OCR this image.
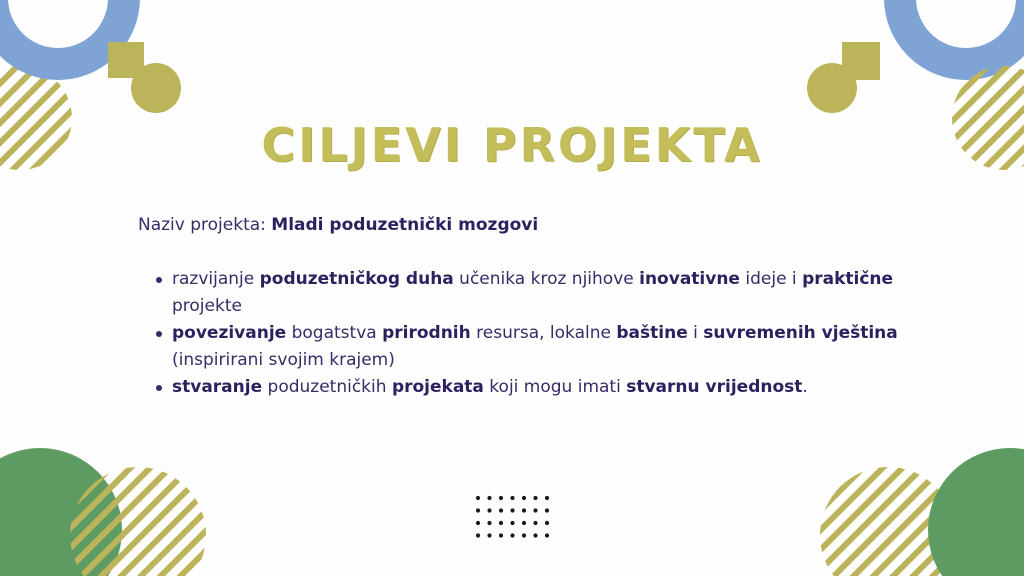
CILJEVI PROJEKTA

Naziv projekta: Mladi poduzetnički mozgovi

razvijanje poduzetničkog duha učenika kroz njihove inovativne ideje i praktične projekte
povezivanje bogatstva prirodnih resursa, lokalne baštine i suvremenih vještina (inspirirani svojim krajem)
stvaranje poduzetničkih projekata koji mogu imati stvarnu vrijednost.
